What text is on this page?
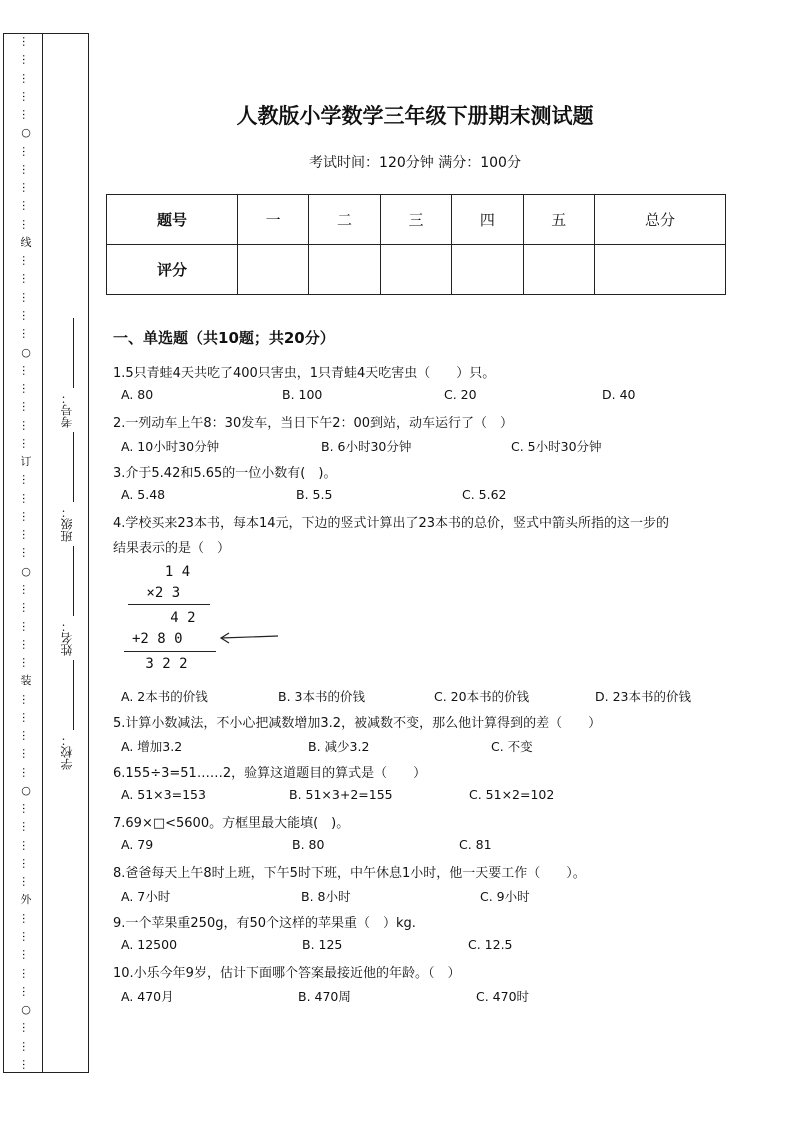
…
…
…
…
…
○
…
…
…
…
…
线
…
…
…
…
…
○
…
…
…
…
…
订
…
…
…
…
…
○
…
…
…
…
…
装
…
…
…
…
…
○
…
…
…
…
…
外
…
…
…
…
…
○
…
…
…
考号：
班级：
姓名：
学校：
人教版小学数学三年级下册期末测试题
考试时间：120分钟 满分：100分
题号	一	二	三	四	五	总分
评分						
一、单选题（共10题；共20分）
1.5只青蛙4天共吃了400只害虫，1只青蛙4天吃害虫（　　）只。
A. 80	B. 100	C. 20	D. 40
2.一列动车上午8：30发车，当日下午2：00到站，动车运行了（　）
A. 10小时30分钟	B. 6小时30分钟	C. 5小时30分钟
3.介于5.42和5.65的一位小数有(　)。
A. 5.48	B. 5.5	C. 5.62
4.学校买来23本书，每本14元，下边的竖式计算出了23本书的总价，竖式中箭头所指的这一步的
结果表示的是（　）
1 4
×2 3
4 2
+2 8 0
3 2 2
A. 2本书的价钱	B. 3本书的价钱	C. 20本书的价钱	D. 23本书的价钱
5.计算小数减法，不小心把减数增加3.2，被减数不变，那么他计算得到的差（　　）
A. 增加3.2	B. 减少3.2	C. 不变
6.155÷3=51……2，验算这道题目的算式是（　　）
A. 51×3=153	B. 51×3+2=155	C. 51×2=102
7.69×□<5600。方框里最大能填(　)。
A. 79	B. 80	C. 81
8.爸爸每天上午8时上班，下午5时下班，中午休息1小时，他一天要工作（　　）。
A. 7小时	B. 8小时	C. 9小时
9.一个苹果重250g，有50个这样的苹果重（　）kg.
A. 12500	B. 125	C. 12.5
10.小乐今年9岁，估计下面哪个答案最接近他的年龄。（　）
A. 470月	B. 470周	C. 470时
